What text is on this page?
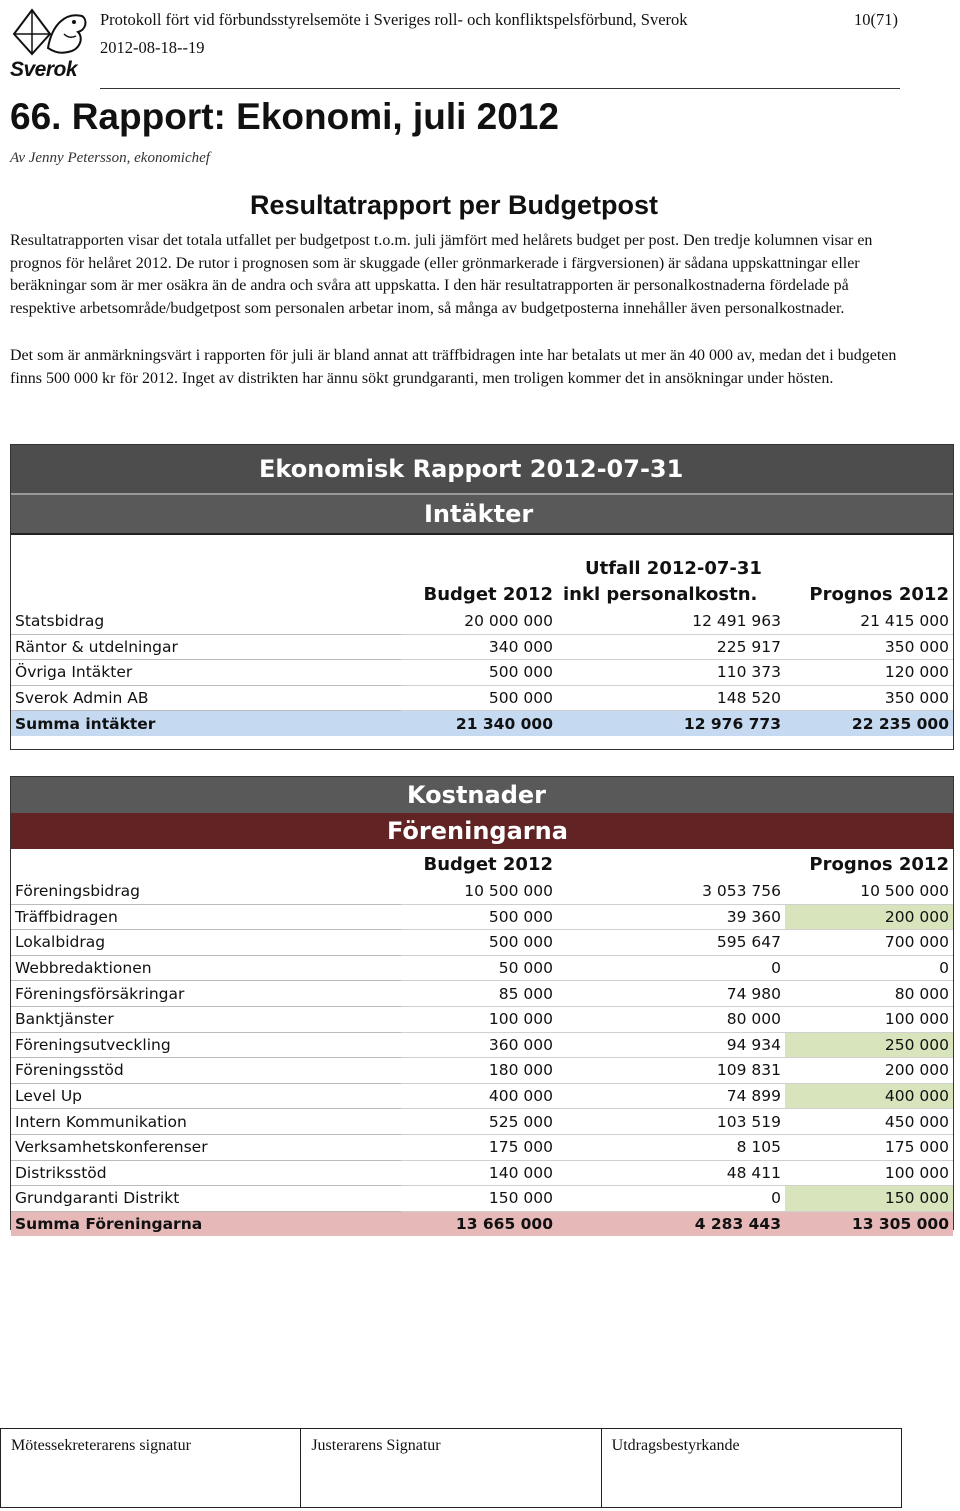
Sverok
Protokoll fört vid förbundsstyrelsemöte i Sveriges roll- och konfliktspelsförbund, Sverok
2012-08-18--19
10(71)
66. Rapport: Ekonomi, juli 2012
Av Jenny Petersson, ekonomichef
Resultatrapport per Budgetpost

Resultatrapporten visar det totala utfallet per budgetpost t.o.m. juli jämfört med helårets budget per post. Den tredje kolumnen visar en prognos för helåret 2012. De rutor i prognosen som är skuggade (eller grönmarkerade i färgversionen) är sådana uppskattningar eller beräkningar som är mer osäkra än de andra och svåra att uppskatta. I den här resultatrapporten är personalkostnaderna fördelade på respektive arbetsområde/budgetpost som personalen arbetar inom, så många av budgetposterna innehåller även personalkostnader.

Det som är anmärkningsvärt i rapporten för juli är bland annat att träffbidragen inte har betalats ut mer än 40 000 av, medan det i budgeten finns 500 000 kr för 2012. Inget av distrikten har ännu sökt grundgaranti, men troligen kommer det in ansökningar under hösten.

Ekonomisk Rapport 2012-07-31			
Intäkter			
		Utfall 2012-07-31	
	Budget 2012	inkl personalkostn.	Prognos 2012
Statsbidrag	20 000 000	12 491 963	21 415 000
Räntor & utdelningar	340 000	225 917	350 000
Övriga Intäkter	500 000	110 373	120 000
Sverok Admin AB	500 000	148 520	350 000
Summa intäkter	21 340 000	12 976 773	22 235 000
Kostnader			
Föreningarna			
	Budget 2012		Prognos 2012
Föreningsbidrag	10 500 000	3 053 756	10 500 000
Träffbidragen	500 000	39 360	200 000
Lokalbidrag	500 000	595 647	700 000
Webbredaktionen	50 000	0	0
Föreningsförsäkringar	85 000	74 980	80 000
Banktjänster	100 000	80 000	100 000
Föreningsutveckling	360 000	94 934	250 000
Föreningsstöd	180 000	109 831	200 000
Level Up	400 000	74 899	400 000
Intern Kommunikation	525 000	103 519	450 000
Verksamhetskonferenser	175 000	8 105	175 000
Distriksstöd	140 000	48 411	100 000
Grundgaranti Distrikt	150 000	0	150 000
Summa Föreningarna	13 665 000	4 283 443	13 305 000
Mötessekreterarens signatur	Justerarens Signatur	Utdragsbestyrkande
